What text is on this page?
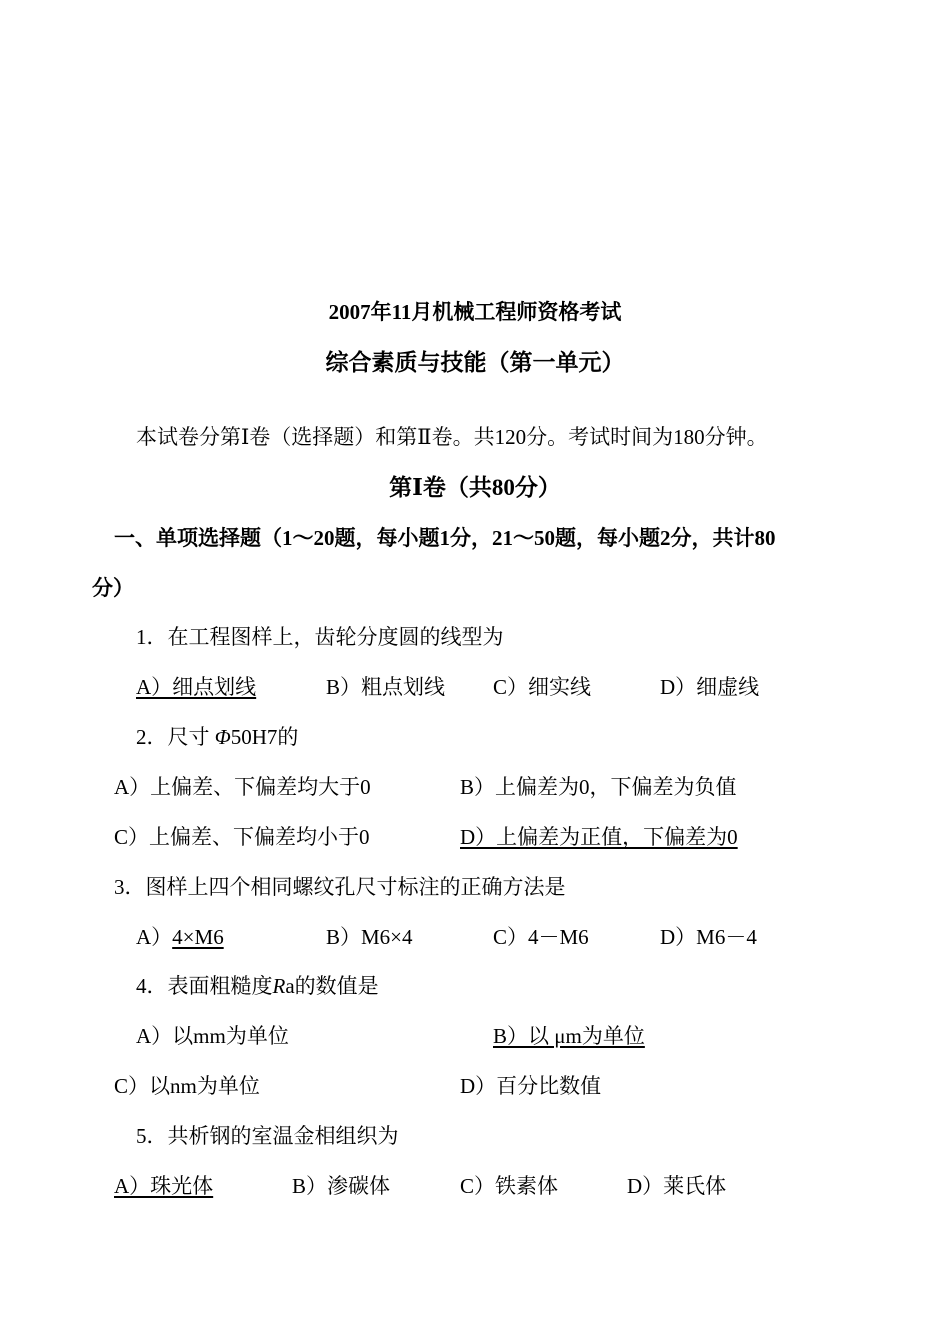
2007年11月机械工程师资格考试
综合素质与技能（第一单元）
本试卷分第Ⅰ卷（选择题）和第Ⅱ卷。共120分。考试时间为180分钟。
第Ⅰ卷（共80分）
一、单项选择题（1～20题，每小题1分，21～50题，每小题2分，共计80
分）
1．在工程图样上，齿轮分度圆的线型为
A）细点划线	B）粗点划线 C）细实线	D）细虚线
2．尺寸 Φ50H7的
A）上偏差、下偏差均大于0	B）上偏差为0，下偏差为负值
C）上偏差、下偏差均小于0	D）上偏差为正值，下偏差为0
3．图样上四个相同螺纹孔尺寸标注的正确方法是
A）4×M6	B）M6×4	C）4－M6	D）M6－4
4．表面粗糙度Ra的数值是
A）以mm为单位	B）以 μm为单位
C）以nm为单位	D）百分比数值
5．共析钢的室温金相组织为
A）珠光体	B）渗碳体	C）铁素体	D）莱氏体
